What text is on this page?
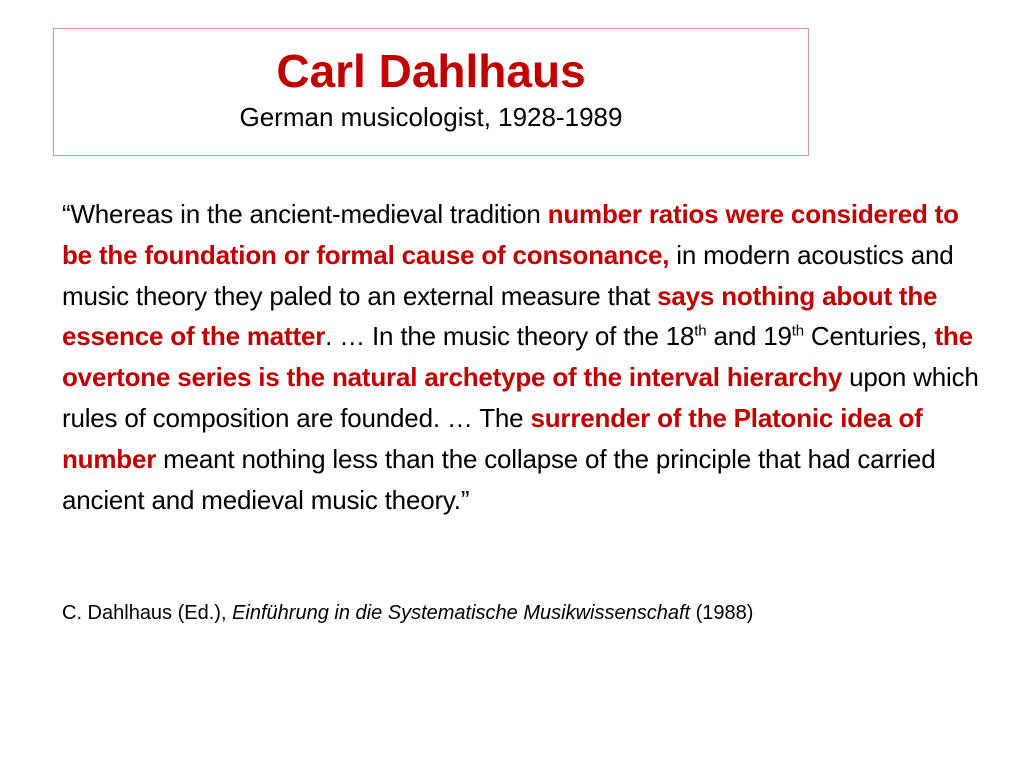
Carl Dahlhaus

German musicologist, 1928-1989

“Whereas in the ancient-medieval tradition number ratios were considered to be the foundation or formal cause of consonance, in modern acoustics and music theory they paled to an external measure that says nothing about the essence of the matter. … In the music theory of the 18th and 19th Centuries, the overtone series is the natural archetype of the interval hierarchy upon which rules of composition are founded. … The surrender of the Platonic idea of number meant nothing less than the collapse of the principle that had carried ancient and medieval music theory.”

C. Dahlhaus (Ed.), Einführung in die Systematische Musikwissenschaft (1988)
